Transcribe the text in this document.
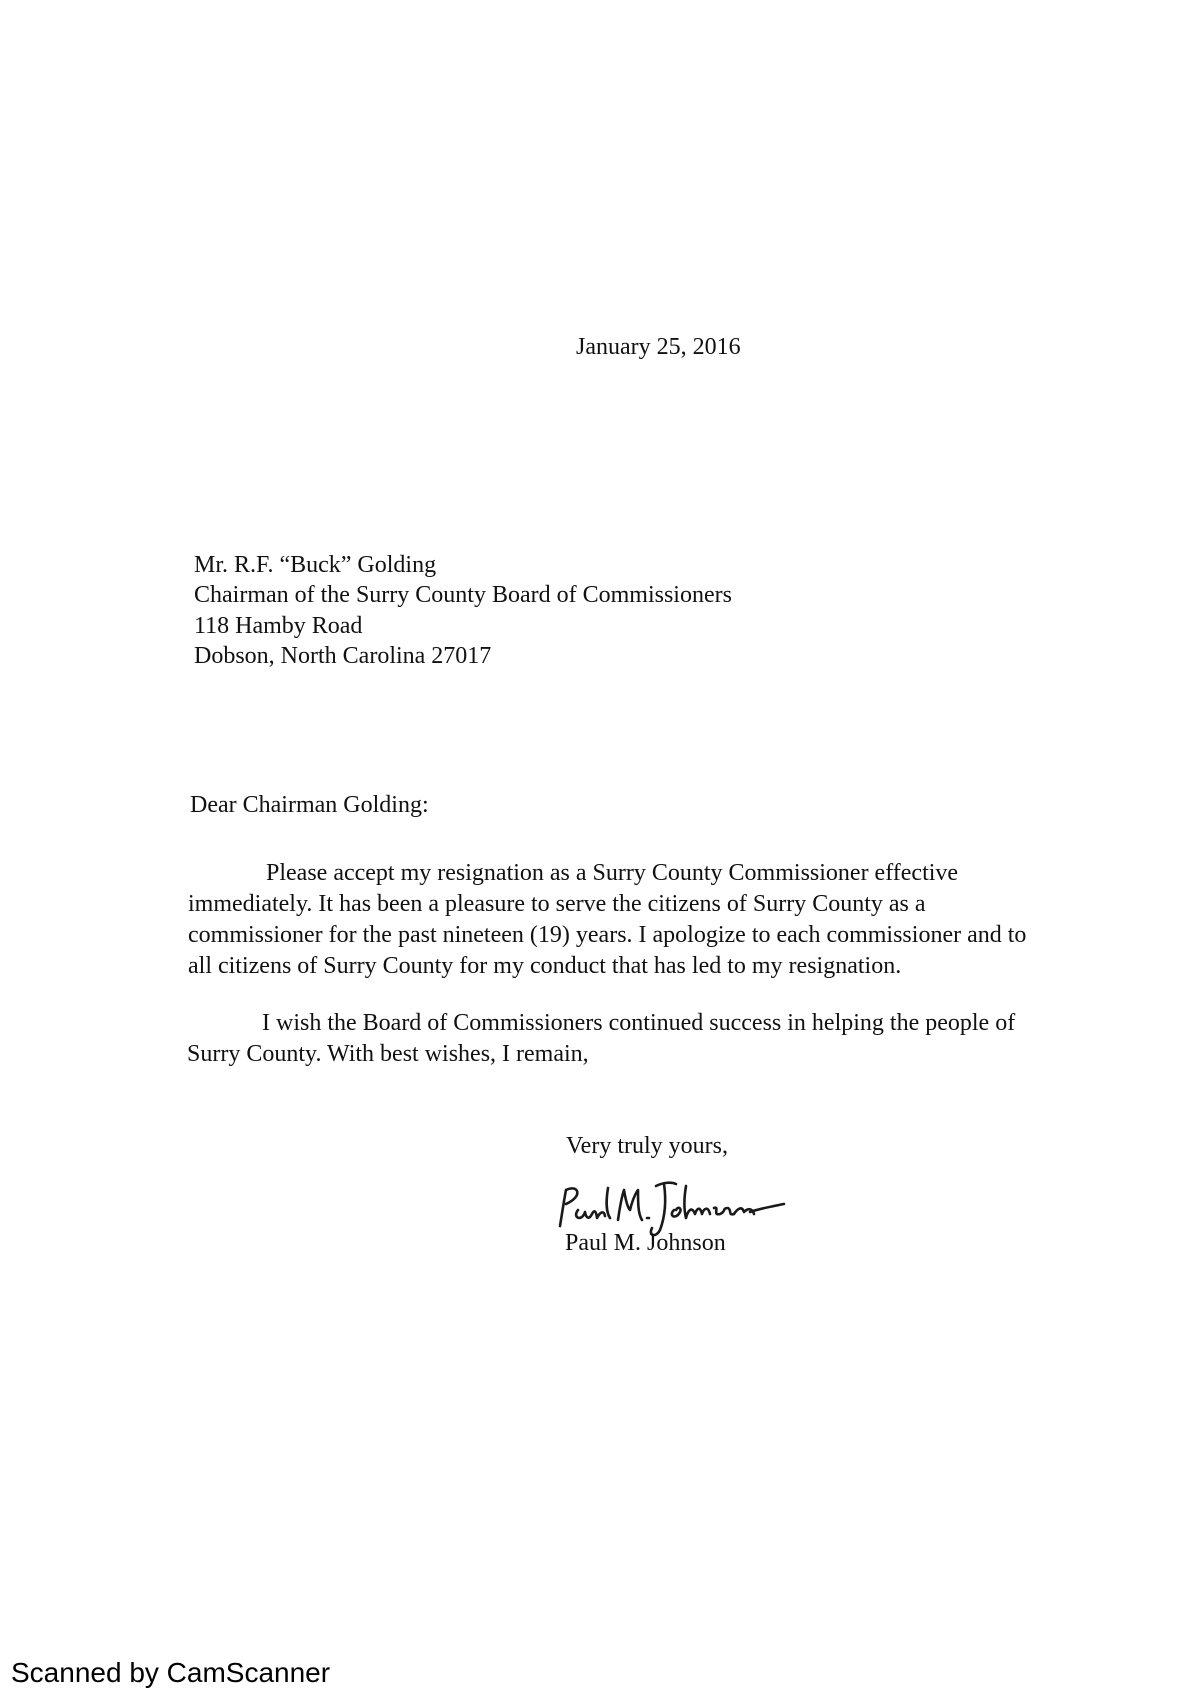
January 25, 2016
Mr. R.F. “Buck” Golding
Chairman of the Surry County Board of Commissioners
118 Hamby Road
Dobson, North Carolina 27017
Dear Chairman Golding:
Please accept my resignation as a Surry County Commissioner effective
immediately. It has been a pleasure to serve the citizens of Surry County as a
commissioner for the past nineteen (19) years. I apologize to each commissioner and to
all citizens of Surry County for my conduct that has led to my resignation.
I wish the Board of Commissioners continued success in helping the people of
Surry County. With best wishes, I remain,
Very truly yours,
Paul M. Johnson
Scanned by CamScanner
